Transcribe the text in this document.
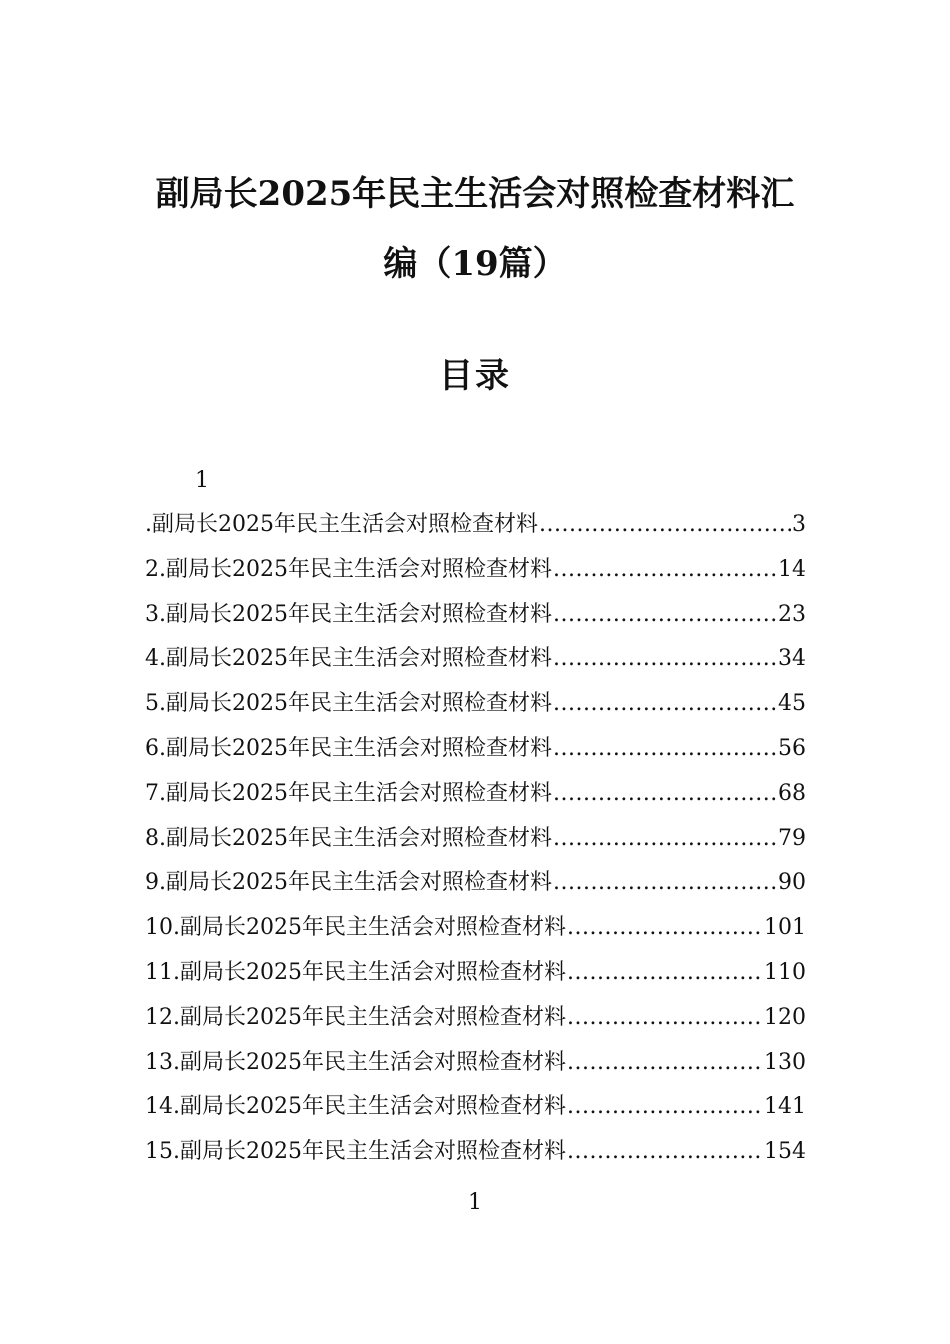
副局长2025年民主生活会对照检查材料汇
编（19篇）
目录
1
.副局长2025年民主生活会对照检查材料 .....	3
2.副局长2025年民主生活会对照检查材料 .....	14
3.副局长2025年民主生活会对照检查材料 .....	23
4.副局长2025年民主生活会对照检查材料 .....	34
5.副局长2025年民主生活会对照检查材料 .....	45
6.副局长2025年民主生活会对照检查材料 .....	56
7.副局长2025年民主生活会对照检查材料 .....	68
8.副局长2025年民主生活会对照检查材料 .....	79
9.副局长2025年民主生活会对照检查材料 .....	90
10.副局长2025年民主生活会对照检查材料 .....	101
11.副局长2025年民主生活会对照检查材料 .....	110
12.副局长2025年民主生活会对照检查材料 .....	120
13.副局长2025年民主生活会对照检查材料 .....	130
14.副局长2025年民主生活会对照检查材料 .....	141
15.副局长2025年民主生活会对照检查材料 .....	154
1
